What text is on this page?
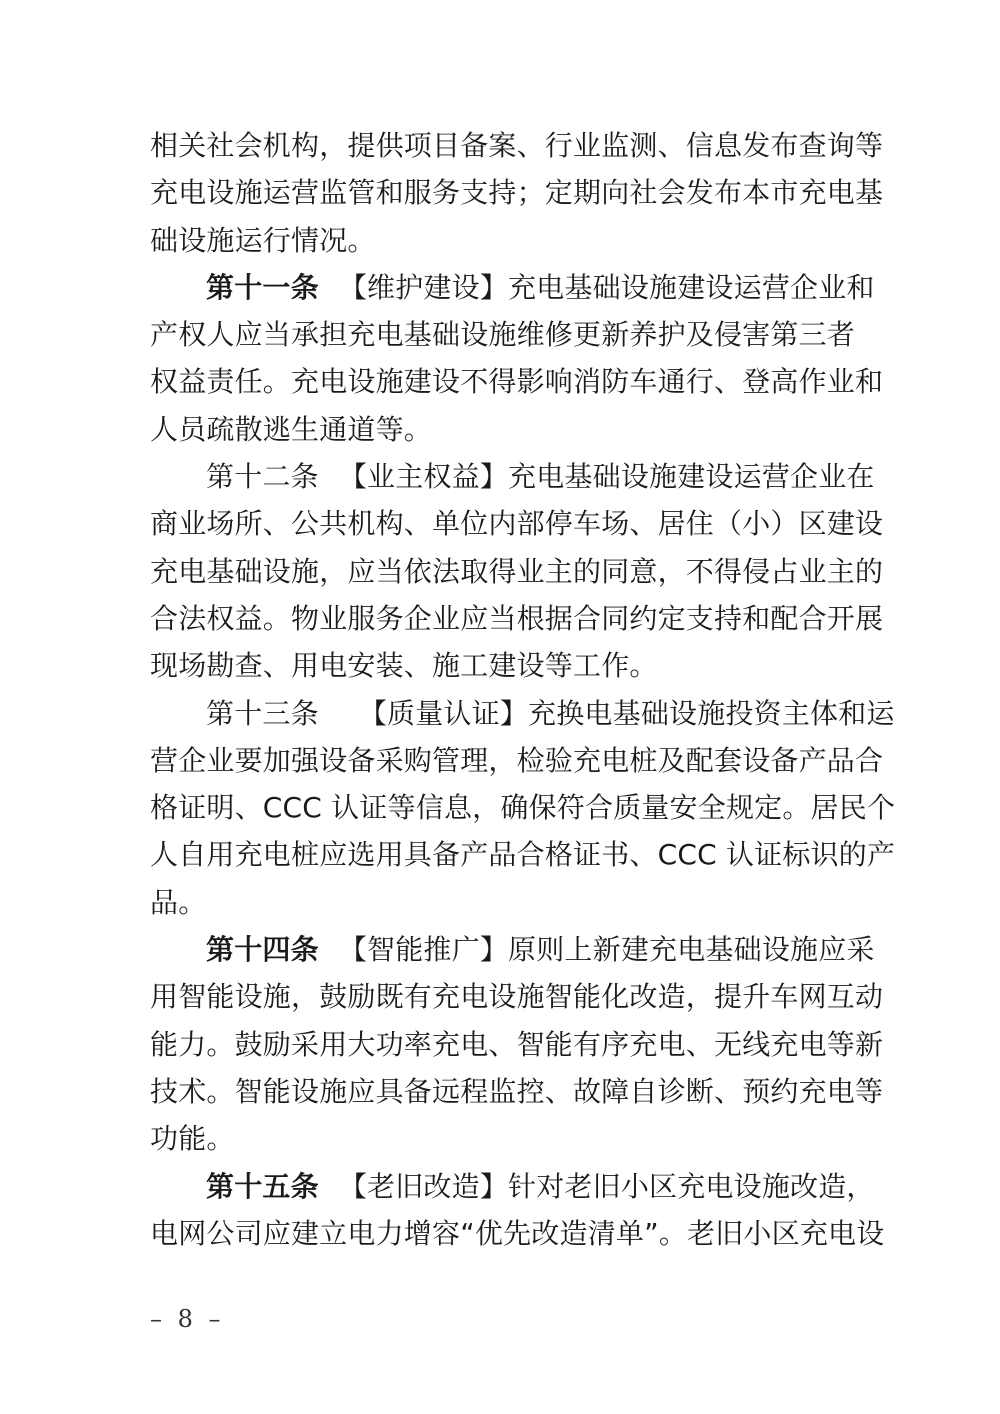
相关社会机构，提供项目备案、行业监测、信息发布查询等
充电设施运营监管和服务支持；定期向社会发布本市充电基
础设施运行情况。
第十一条 【维护建设】充电基础设施建设运营企业和
产权人应当承担充电基础设施维修更新养护及侵害第三者
权益责任。充电设施建设不得影响消防车通行、登高作业和
人员疏散逃生通道等。
第十二条 【业主权益】充电基础设施建设运营企业在
商业场所、公共机构、单位内部停车场、居住（小）区建设
充电基础设施，应当依法取得业主的同意，不得侵占业主的
合法权益。物业服务企业应当根据合同约定支持和配合开展
现场勘查、用电安装、施工建设等工作。
第十三条 【质量认证】充换电基础设施投资主体和运
营企业要加强设备采购管理，检验充电桩及配套设备产品合
格证明、CCC 认证等信息，确保符合质量安全规定。居民个
人自用充电桩应选用具备产品合格证书、CCC 认证标识的产
品。
第十四条 【智能推广】原则上新建充电基础设施应采
用智能设施，鼓励既有充电设施智能化改造，提升车网互动
能力。鼓励采用大功率充电、智能有序充电、无线充电等新
技术。智能设施应具备远程监控、故障自诊断、预约充电等
功能。
第十五条 【老旧改造】针对老旧小区充电设施改造，
电网公司应建立电力增容“优先改造清单”。老旧小区充电设
– 8 –
